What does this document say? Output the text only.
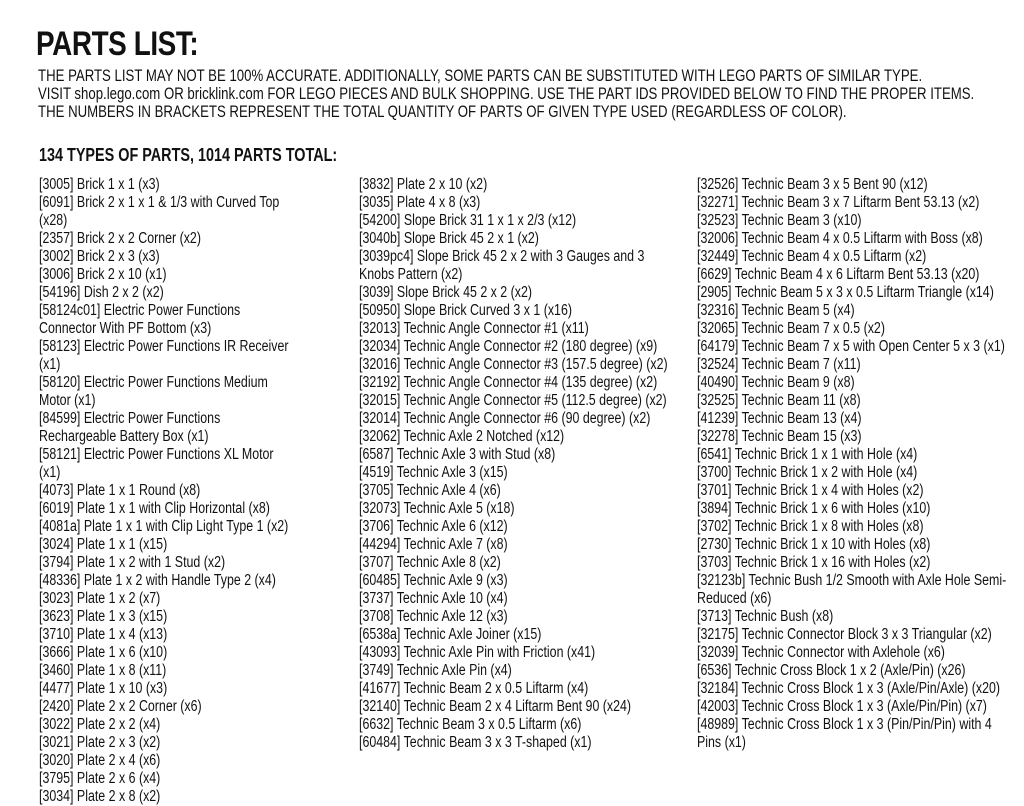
PARTS LIST:
THE PARTS LIST MAY NOT BE 100% ACCURATE. ADDITIONALLY, SOME PARTS CAN BE SUBSTITUTED WITH LEGO PARTS OF SIMILAR TYPE.
VISIT shop.lego.com OR bricklink.com FOR LEGO PIECES AND BULK SHOPPING. USE THE PART IDS PROVIDED BELOW TO FIND THE PROPER ITEMS.
THE NUMBERS IN BRACKETS REPRESENT THE TOTAL QUANTITY OF PARTS OF GIVEN TYPE USED (REGARDLESS OF COLOR).
134 TYPES OF PARTS, 1014 PARTS TOTAL:
[3005] Brick 1 x 1 (x3)
[6091] Brick 2 x 1 x 1 & 1/3 with Curved Top (x28)
[2357] Brick 2 x 2 Corner (x2)
[3002] Brick 2 x 3 (x3)
[3006] Brick 2 x 10 (x1)
[54196] Dish 2 x 2 (x2)
[58124c01] Electric Power Functions Connector With PF Bottom (x3)
[58123] Electric Power Functions IR Receiver (x1)
[58120] Electric Power Functions Medium Motor (x1)
[84599] Electric Power Functions Rechargeable Battery Box (x1)
[58121] Electric Power Functions XL Motor (x1)
[4073] Plate 1 x 1 Round (x8)
[6019] Plate 1 x 1 with Clip Horizontal (x8)
[4081a] Plate 1 x 1 with Clip Light Type 1 (x2)
[3024] Plate 1 x 1 (x15)
[3794] Plate 1 x 2 with 1 Stud (x2)
[48336] Plate 1 x 2 with Handle Type 2 (x4)
[3023] Plate 1 x 2 (x7)
[3623] Plate 1 x 3 (x15)
[3710] Plate 1 x 4 (x13)
[3666] Plate 1 x 6 (x10)
[3460] Plate 1 x 8 (x11)
[4477] Plate 1 x 10 (x3)
[2420] Plate 2 x 2 Corner (x6)
[3022] Plate 2 x 2 (x4)
[3021] Plate 2 x 3 (x2)
[3020] Plate 2 x 4 (x6)
[3795] Plate 2 x 6 (x4)
[3034] Plate 2 x 8 (x2)
[3832] Plate 2 x 10 (x2)
[3035] Plate 4 x 8 (x3)
[54200] Slope Brick 31 1 x 1 x 2/3 (x12)
[3040b] Slope Brick 45 2 x 1 (x2)
[3039pc4] Slope Brick 45 2 x 2 with 3 Gauges and 3 Knobs Pattern (x2)
[3039] Slope Brick 45 2 x 2 (x2)
[50950] Slope Brick Curved 3 x 1 (x16)
[32013] Technic Angle Connector #1 (x11)
[32034] Technic Angle Connector #2 (180 degree) (x9)
[32016] Technic Angle Connector #3 (157.5 degree) (x2)
[32192] Technic Angle Connector #4 (135 degree) (x2)
[32015] Technic Angle Connector #5 (112.5 degree) (x2)
[32014] Technic Angle Connector #6 (90 degree) (x2)
[32062] Technic Axle 2 Notched (x12)
[6587] Technic Axle 3 with Stud (x8)
[4519] Technic Axle 3 (x15)
[3705] Technic Axle 4 (x6)
[32073] Technic Axle 5 (x18)
[3706] Technic Axle 6 (x12)
[44294] Technic Axle 7 (x8)
[3707] Technic Axle 8 (x2)
[60485] Technic Axle 9 (x3)
[3737] Technic Axle 10 (x4)
[3708] Technic Axle 12 (x3)
[6538a] Technic Axle Joiner (x15)
[43093] Technic Axle Pin with Friction (x41)
[3749] Technic Axle Pin (x4)
[41677] Technic Beam 2 x 0.5 Liftarm (x4)
[32140] Technic Beam 2 x 4 Liftarm Bent 90 (x24)
[6632] Technic Beam 3 x 0.5 Liftarm (x6)
[60484] Technic Beam 3 x 3 T-shaped (x1)
[32526] Technic Beam 3 x 5 Bent 90 (x12)
[32271] Technic Beam 3 x 7 Liftarm Bent 53.13 (x2)
[32523] Technic Beam 3 (x10)
[32006] Technic Beam 4 x 0.5 Liftarm with Boss (x8)
[32449] Technic Beam 4 x 0.5 Liftarm (x2)
[6629] Technic Beam 4 x 6 Liftarm Bent 53.13 (x20)
[2905] Technic Beam 5 x 3 x 0.5 Liftarm Triangle (x14)
[32316] Technic Beam 5 (x4)
[32065] Technic Beam 7 x 0.5 (x2)
[64179] Technic Beam 7 x 5 with Open Center 5 x 3 (x1)
[32524] Technic Beam 7 (x11)
[40490] Technic Beam 9 (x8)
[32525] Technic Beam 11 (x8)
[41239] Technic Beam 13 (x4)
[32278] Technic Beam 15 (x3)
[6541] Technic Brick 1 x 1 with Hole (x4)
[3700] Technic Brick 1 x 2 with Hole (x4)
[3701] Technic Brick 1 x 4 with Holes (x2)
[3894] Technic Brick 1 x 6 with Holes (x10)
[3702] Technic Brick 1 x 8 with Holes (x8)
[2730] Technic Brick 1 x 10 with Holes (x8)
[3703] Technic Brick 1 x 16 with Holes (x2)
[32123b] Technic Bush 1/2 Smooth with Axle Hole Semi-Reduced (x6)
[3713] Technic Bush (x8)
[32175] Technic Connector Block 3 x 3 Triangular (x2)
[32039] Technic Connector with Axlehole (x6)
[6536] Technic Cross Block 1 x 2 (Axle/Pin) (x26)
[32184] Technic Cross Block 1 x 3 (Axle/Pin/Axle) (x20)
[42003] Technic Cross Block 1 x 3 (Axle/Pin/Pin) (x7)
[48989] Technic Cross Block 1 x 3 (Pin/Pin/Pin) with 4 Pins (x1)
